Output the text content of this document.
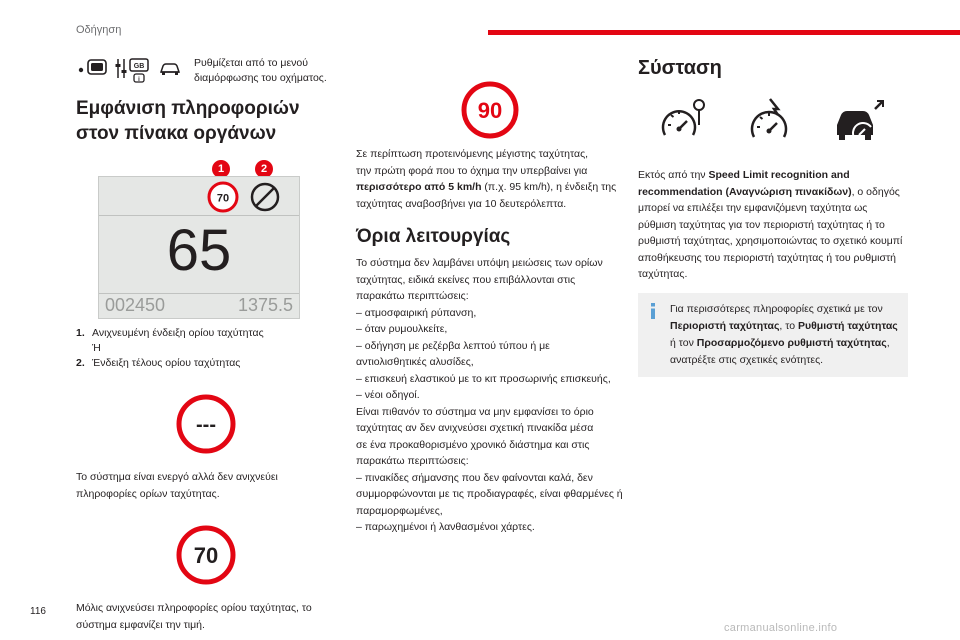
Οδήγηση
GB
i
Ρυθμίζεται από το μενού διαμόρφωσης του οχήματος.
Εμφάνιση πληροφοριών στον πίνακα οργάνων
1	2
70
65
002450	1375.5
1. Ανιχνευμένη ένδειξη ορίου ταχύτητας
Ή
2. Ένδειξη τέλους ορίου ταχύτητας
---
Το σύστημα είναι ενεργό αλλά δεν ανιχνεύει πληροφορίες ορίων ταχύτητας.
70
Μόλις ανιχνεύσει πληροφορίες ορίου ταχύτητας, το σύστημα εμφανίζει την τιμή.
90
Σε περίπτωση προτεινόμενης μέγιστης ταχύτητας,
την πρώτη φορά που το όχημα την υπερβαίνει για
περισσότερο από 5 km/h (π.χ. 95 km/h), η ένδειξη της
ταχύτητας αναβοσβήνει για 10 δευτερόλεπτα.
Όρια λειτουργίας
Το σύστημα δεν λαμβάνει υπόψη μειώσεις των ορίων
ταχύτητας, ειδικά εκείνες που επιβάλλονται στις
παρακάτω περιπτώσεις:
– ατμοσφαιρική ρύπανση,
– όταν ρυμουλκείτε,
– οδήγηση με ρεζέρβα λεπτού τύπου ή με
αντιολισθητικές αλυσίδες,
– επισκευή ελαστικού με το κιτ προσωρινής επισκευής,
– νέοι οδηγοί.
Είναι πιθανόν το σύστημα να μην εμφανίσει το όριο
ταχύτητας αν δεν ανιχνεύσει σχετική πινακίδα μέσα
σε ένα προκαθορισμένο χρονικό διάστημα και στις
παρακάτω περιπτώσεις:
– πινακίδες σήμανσης που δεν φαίνονται καλά, δεν
συμμορφώνονται με τις προδιαγραφές, είναι φθαρμένες ή
παραμορφωμένες,
– παρωχημένοι ή λανθασμένοι χάρτες.
Σύσταση
Εκτός από την Speed Limit recognition and recommendation (Αναγνώριση πινακίδων), ο οδηγός μπορεί να επιλέξει την εμφανιζόμενη ταχύτητα ως ρύθμιση ταχύτητας για τον περιοριστή ταχύτητας ή το ρυθμιστή ταχύτητας, χρησιμοποιώντας το σχετικό κουμπί αποθήκευσης του περιοριστή ταχύτητας ή του ρυθμιστή ταχύτητας.
Για περισσότερες πληροφορίες σχετικά με τον Περιοριστή ταχύτητας, το Ρυθμιστή ταχύτητας ή τον Προσαρμοζόμενο ρυθμιστή ταχύτητας, ανατρέξτε στις σχετικές ενότητες.
116
carmanualsonline.info
